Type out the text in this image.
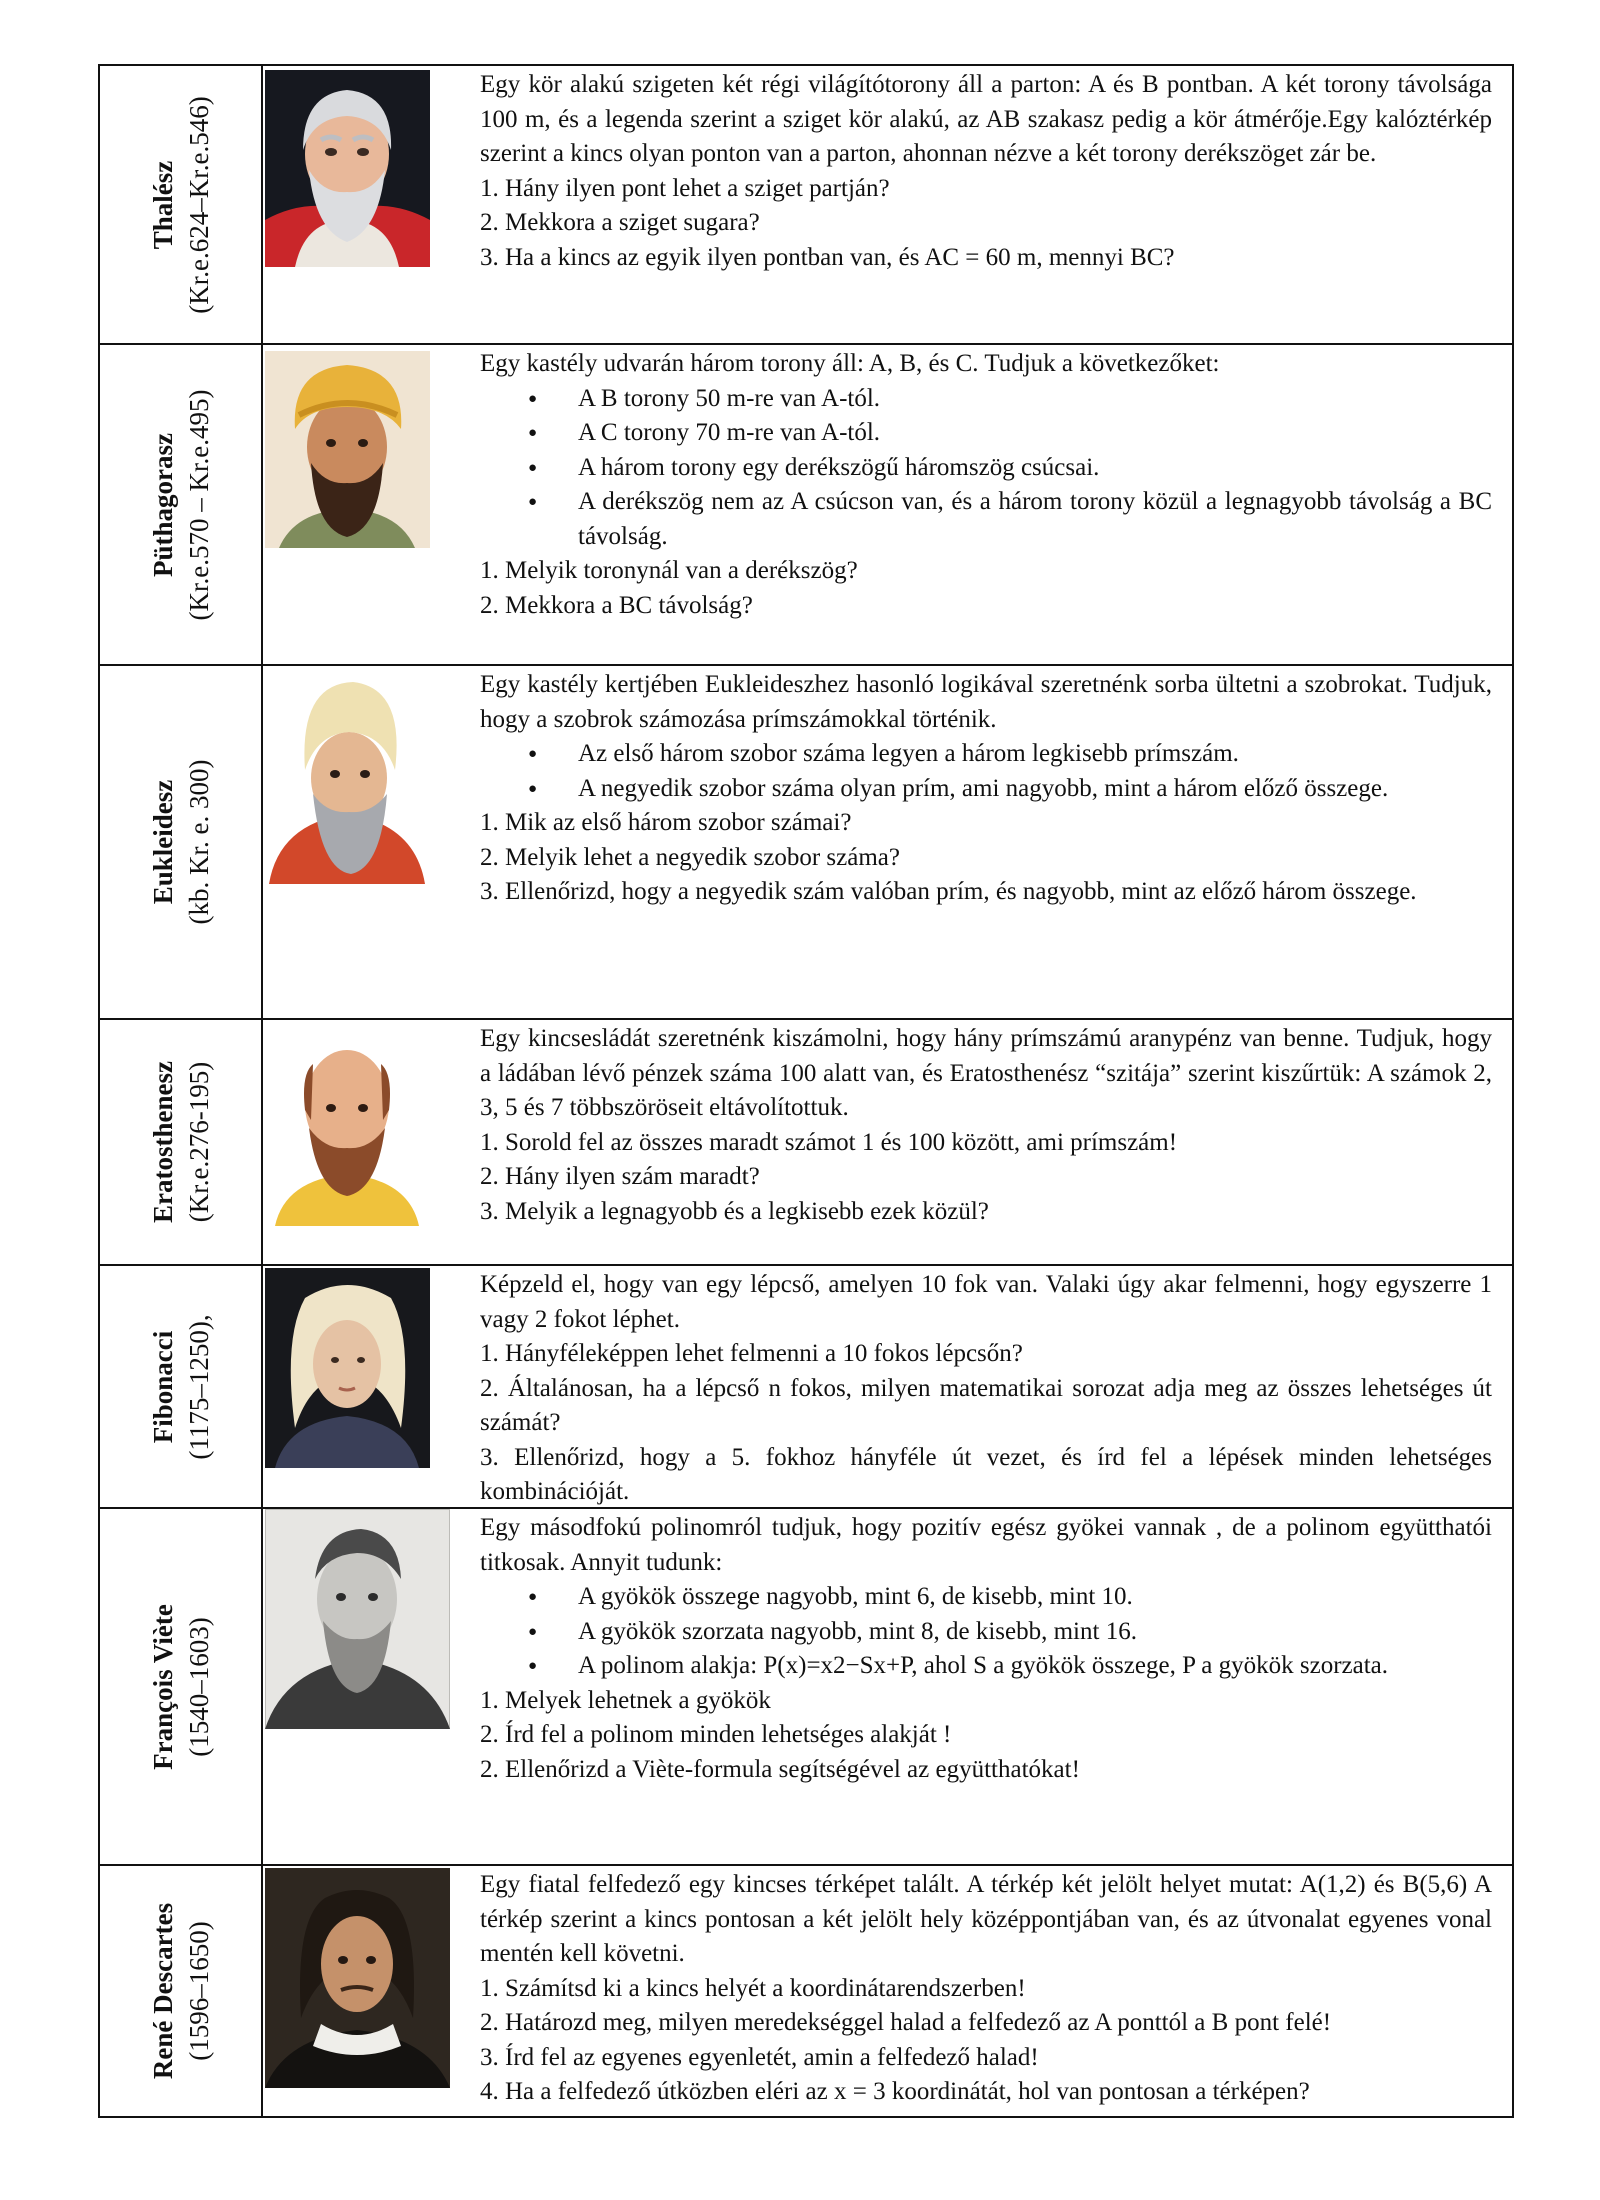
Thalész (Kr.e.624–Kr.e.546)

Egy kör alakú szigeten két régi világítótorony áll a parton: A és B pontban. A két torony távolsága 100 m, és a legenda szerint a sziget kör alakú, az AB szakasz pedig a kör átmérője.Egy kalóztérkép szerint a kincs olyan ponton van a parton, ahonnan nézve a két torony derékszöget zár be.

1. Hány ilyen pont lehet a sziget partján?

2. Mekkora a sziget sugara?

3. Ha a kincs az egyik ilyen pontban van, és AC = 60 m, mennyi BC?

Püthagorasz (Kr.e.570 – Kr.e.495)

Egy kastély udvarán három torony áll: A, B, és C. Tudjuk a következőket:

● A B torony 50 m-re van A-tól.
● A C torony 70 m-re van A-tól.
● A három torony egy derékszögű háromszög csúcsai.
● A derékszög nem az A csúcson van, és a három torony közül a legnagyobb távolság a BC távolság.

1. Melyik toronynál van a derékszög?

2. Mekkora a BC távolság?

Eukleidesz (kb. Kr. e. 300)

Egy kastély kertjében Eukleideszhez hasonló logikával szeretnénk sorba ültetni a szobrokat. Tudjuk, hogy a szobrok számozása prímszámokkal történik.

● Az első három szobor száma legyen a három legkisebb prímszám.
● A negyedik szobor száma olyan prím, ami nagyobb, mint a három előző összege.

1. Mik az első három szobor számai?

2. Melyik lehet a negyedik szobor száma?

3. Ellenőrizd, hogy a negyedik szám valóban prím, és nagyobb, mint az előző három összege.

Eratosthenesz (Kr.e.276-195)

Egy kincsesládát szeretnénk kiszámolni, hogy hány prímszámú aranypénz van benne. Tudjuk, hogy a ládában lévő pénzek száma 100 alatt van, és Eratosthenész “szitája” szerint kiszűrtük: A számok 2, 3, 5 és 7 többszöröseit eltávolítottuk.

1. Sorold fel az összes maradt számot 1 és 100 között, ami prímszám!

2. Hány ilyen szám maradt?

3. Melyik a legnagyobb és a legkisebb ezek közül?

Fibonacci (1175–1250),

Képzeld el, hogy van egy lépcső, amelyen 10 fok van. Valaki úgy akar felmenni, hogy egyszerre 1 vagy 2 fokot léphet.

1. Hányféleképpen lehet felmenni a 10 fokos lépcsőn?

2. Általánosan, ha a lépcső n fokos, milyen matematikai sorozat adja meg az összes lehetséges út számát?

3. Ellenőrizd, hogy a 5. fokhoz hányféle út vezet, és írd fel a lépések minden lehetséges kombinációját.

François Viète (1540–1603)

Egy másodfokú polinomról tudjuk, hogy pozitív egész gyökei vannak , de a polinom együtthatói titkosak. Annyit tudunk:

● A gyökök összege nagyobb, mint 6, de kisebb, mint 10.
● A gyökök szorzata nagyobb, mint 8, de kisebb, mint 16.
● A polinom alakja: P(x)=x2−Sx+P, ahol S a gyökök összege, P a gyökök szorzata.

1. Melyek lehetnek a gyökök

2. Írd fel a polinom minden lehetséges alakját !

2. Ellenőrizd a Viète-formula segítségével az együtthatókat!

René Descartes (1596–1650)

Egy fiatal felfedező egy kincses térképet talált. A térkép két jelölt helyet mutat: A(1,2) és B(5,6) A térkép szerint a kincs pontosan a két jelölt hely középpontjában van, és az útvonalat egyenes vonal mentén kell követni.

1. Számítsd ki a kincs helyét a koordinátarendszerben!

2. Határozd meg, milyen meredekséggel halad a felfedező az A ponttól a B pont felé!

3. Írd fel az egyenes egyenletét, amin a felfedező halad!

4. Ha a felfedező útközben eléri az x = 3 koordinátát, hol van pontosan a térképen?
